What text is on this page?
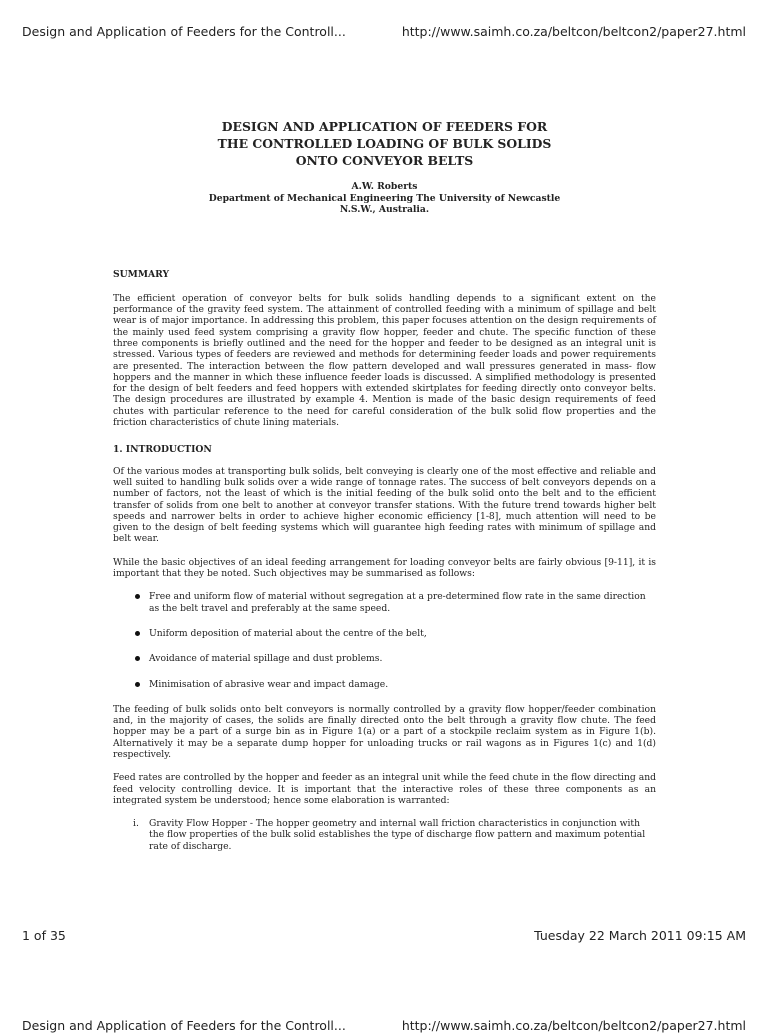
Design and Application of Feeders for the Controll...	http://www.saimh.co.za/beltcon/beltcon2/paper27.html
DESIGN AND APPLICATION OF FEEDERS FOR
THE CONTROLLED LOADING OF BULK SOLIDS
ONTO CONVEYOR BELTS
A.W. Roberts
Department of Mechanical Engineering The University of Newcastle
N.S.W., Australia.
SUMMARY

The efficient operation of conveyor belts for bulk solids handling depends to a significant extent on the performance of the gravity feed system. The attainment of controlled feeding with a minimum of spillage and belt wear is of major importance. In addressing this problem, this paper focuses attention on the design requirements of the mainly used feed system comprising a gravity flow hopper, feeder and chute. The specific function of these three components is briefly outlined and the need for the hopper and feeder to be designed as an integral unit is stressed. Various types of feeders are reviewed and methods for determining feeder loads and power requirements are presented. The interaction between the flow pattern developed and wall pressures generated in mass- flow hoppers and the manner in which these influence feeder loads is discussed. A simplified methodology is presented for the design of belt feeders and feed hoppers with extended skirtplates for feeding directly onto conveyor belts. The design procedures are illustrated by example 4. Mention is made of the basic design requirements of feed chutes with particular reference to the need for careful consideration of the bulk solid flow properties and the friction characteristics of chute lining materials.

1. INTRODUCTION

Of the various modes at transporting bulk solids, belt conveying is clearly one of the most effective and reliable and well suited to handling bulk solids over a wide range of tonnage rates. The success of belt conveyors depends on a number of factors, not the least of which is the initial feeding of the bulk solid onto the belt and to the efficient transfer of solids from one belt to another at conveyor transfer stations. With the future trend towards higher belt speeds and narrower belts in order to achieve higher economic efficiency [1-8], much attention will need to be given to the design of belt feeding systems which will guarantee high feeding rates with minimum of spillage and belt wear.

While the basic objectives of an ideal feeding arrangement for loading conveyor belts are fairly obvious [9-11], it is important that they be noted. Such objectives may be summarised as follows:

Free and uniform flow of material without segregation at a pre-determined flow rate in the same direction as the belt travel and preferably at the same speed.
Uniform deposition of material about the centre of the belt,
Avoidance of material spillage and dust problems.
Minimisation of abrasive wear and impact damage.

The feeding of bulk solids onto belt conveyors is normally controlled by a gravity flow hopper/feeder combination and, in the majority of cases, the solids are finally directed onto the belt through a gravity flow chute. The feed hopper may be a part of a surge bin as in Figure 1(a) or a part of a stockpile reclaim system as in Figure 1(b). Alternatively it may be a separate dump hopper for unloading trucks or rail wagons as in Figures 1(c) and 1(d) respectively.

Feed rates are controlled by the hopper and feeder as an integral unit while the feed chute in the flow directing and feed velocity controlling device. It is important that the interactive roles of these three components as an integrated system be understood; hence some elaboration is warranted:

i. Gravity Flow Hopper - The hopper geometry and internal wall friction characteristics in conjunction with the flow properties of the bulk solid establishes the type of discharge flow pattern and maximum potential rate of discharge.
1 of 35	Tuesday 22 March 2011 09:15 AM
Design and Application of Feeders for the Controll...	http://www.saimh.co.za/beltcon/beltcon2/paper27.html
